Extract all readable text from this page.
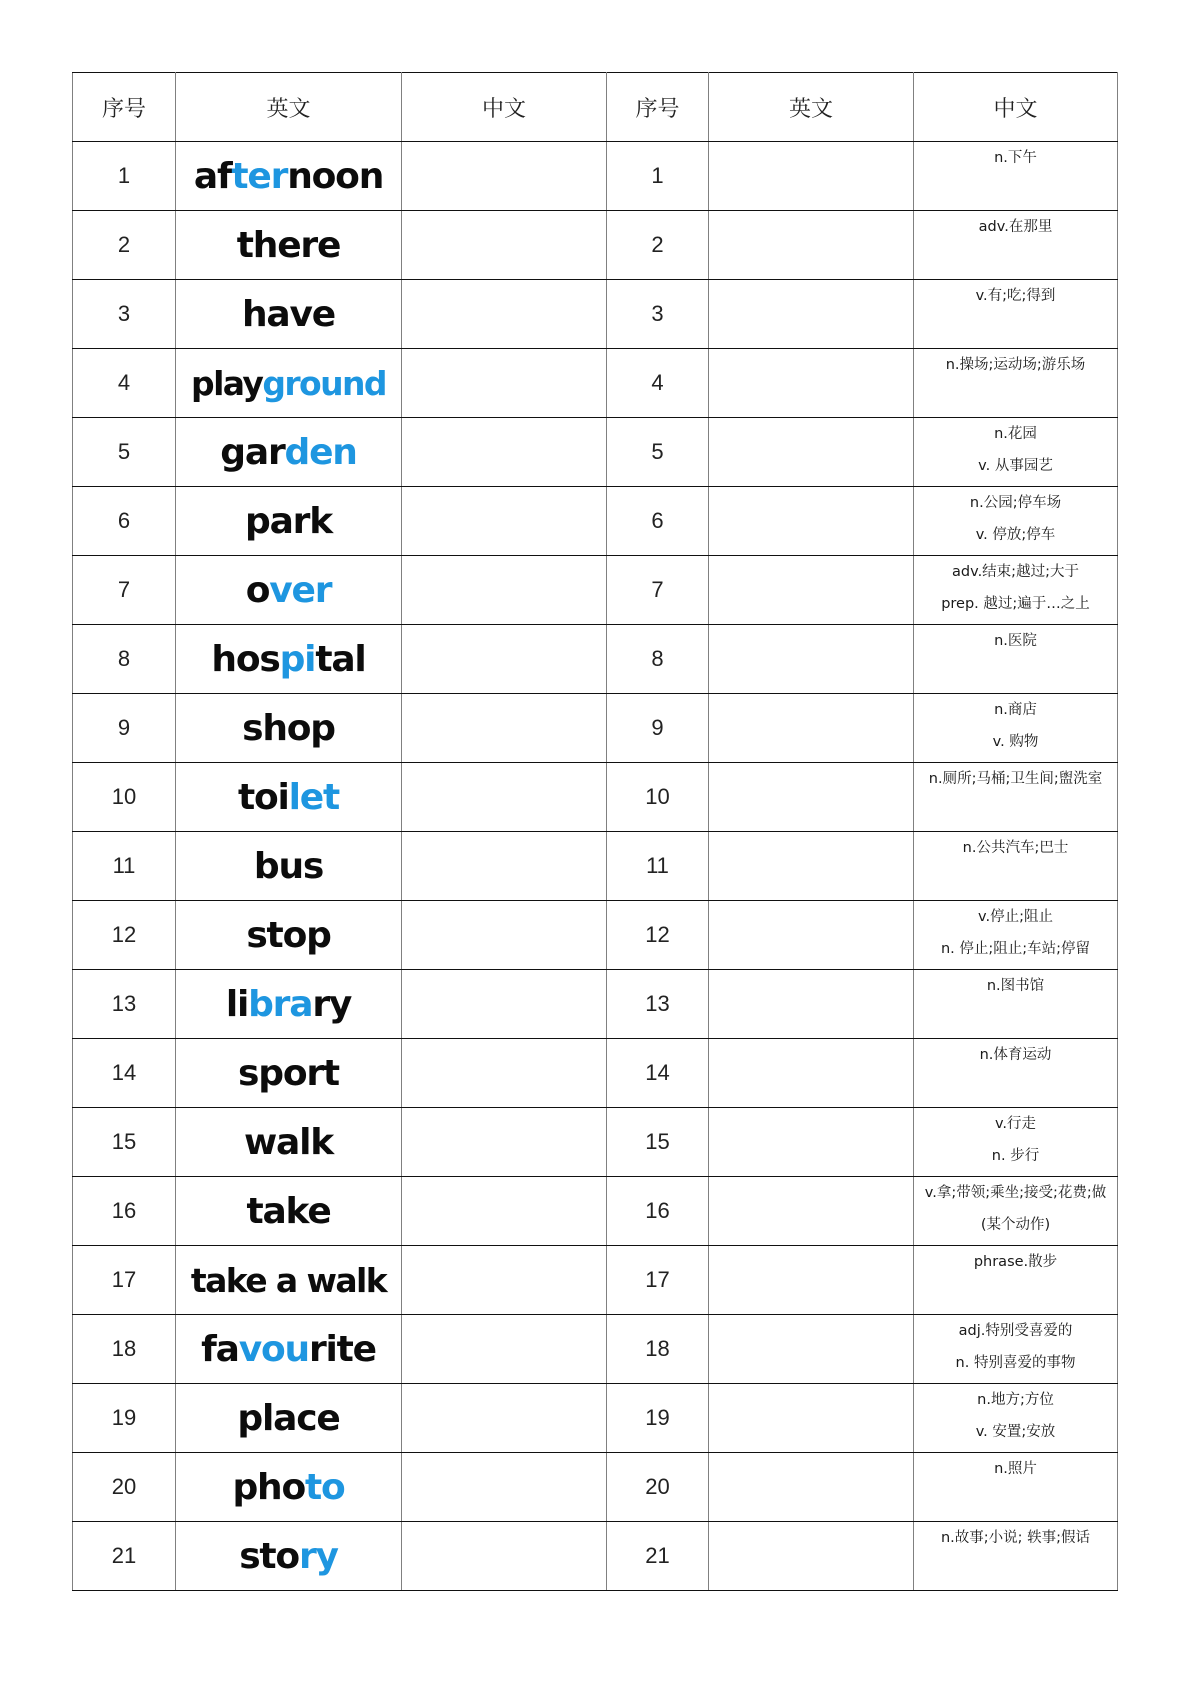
序号	英文	中文	序号	英文	中文
1	afternoon		1		n.下午

2	there		2		adv.在那里

3	have		3		v.有;吃;得到

4	playground		4		n.操场;运动场;游乐场

5	garden		5		n.花园
v. 从事园艺

6	park		6		n.公园;停车场
v. 停放;停车

7	over		7		adv.结束;越过;大于
prep. 越过;遍于…之上

8	hospital		8		n.医院

9	shop		9		n.商店
v. 购物

10	toilet		10		n.厕所;马桶;卫生间;盥洗室

11	bus		11		n.公共汽车;巴士

12	stop		12		v.停止;阻止
n. 停止;阻止;车站;停留

13	library		13		n.图书馆

14	sport		14		n.体育运动

15	walk		15		v.行走
n. 步行

16	take		16		v.拿;带领;乘坐;接受;花费;做
(某个动作)

17	take a walk		17		phrase.散步

18	favourite		18		adj.特别受喜爱的
n. 特别喜爱的事物

19	place		19		n.地方;方位
v. 安置;安放

20	photo		20		n.照片

21	story		21		n.故事;小说; 轶事;假话
